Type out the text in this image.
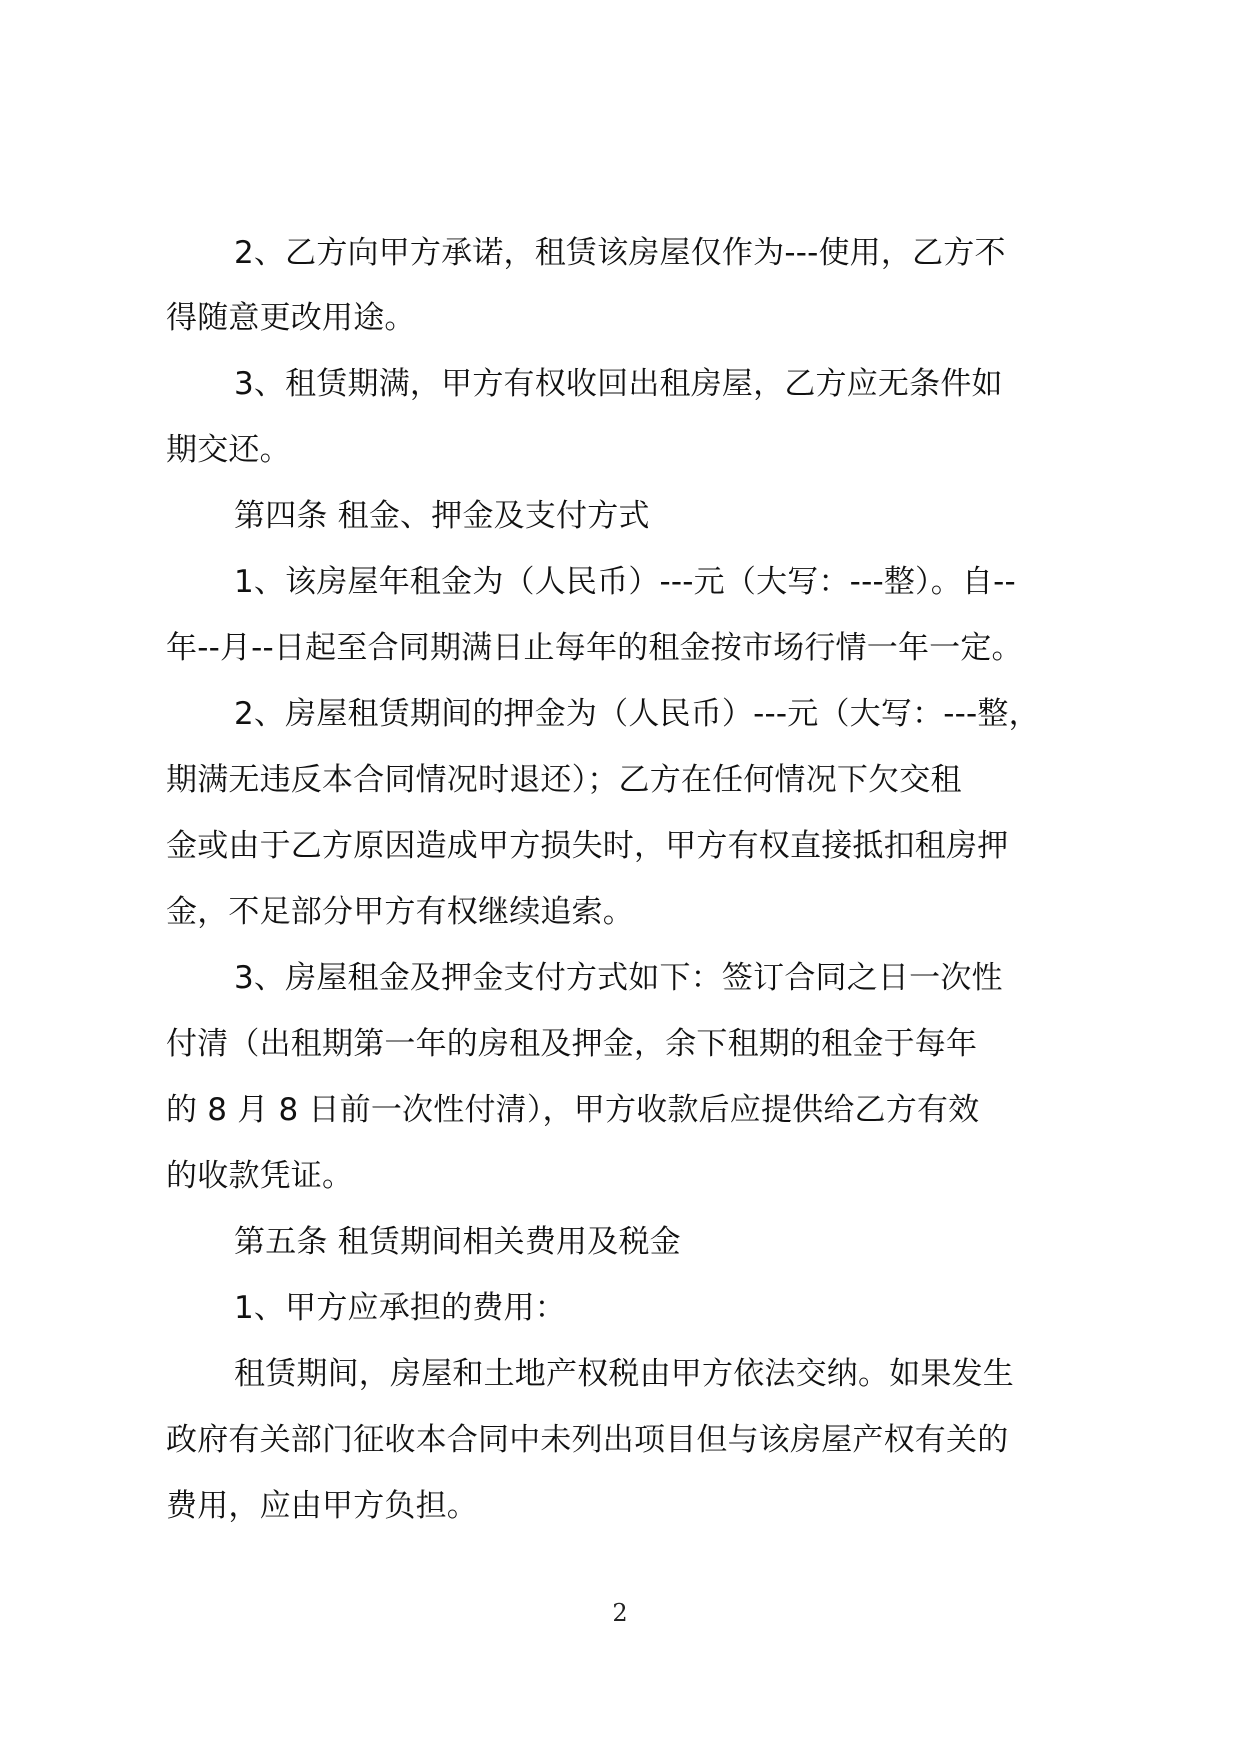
2、乙方向甲方承诺，租赁该房屋仅作为---使用，乙方不
得随意更改用途。
3、租赁期满，甲方有权收回出租房屋，乙方应无条件如
期交还。
第四条 租金、押金及支付方式
1、该房屋年租金为（人民币）---元（大写：---整）。自--
年--月--日起至合同期满日止每年的租金按市场行情一年一定。
2、房屋租赁期间的押金为（人民币）---元（大写：---整，
期满无违反本合同情况时退还）；乙方在任何情况下欠交租
金或由于乙方原因造成甲方损失时，甲方有权直接抵扣租房押
金，不足部分甲方有权继续追索。
3、房屋租金及押金支付方式如下：签订合同之日一次性
付清（出租期第一年的房租及押金，余下租期的租金于每年
的 8 月 8 日前一次性付清），甲方收款后应提供给乙方有效
的收款凭证。
第五条 租赁期间相关费用及税金
1、甲方应承担的费用：
租赁期间，房屋和土地产权税由甲方依法交纳。如果发生
政府有关部门征收本合同中未列出项目但与该房屋产权有关的
费用，应由甲方负担。
2
